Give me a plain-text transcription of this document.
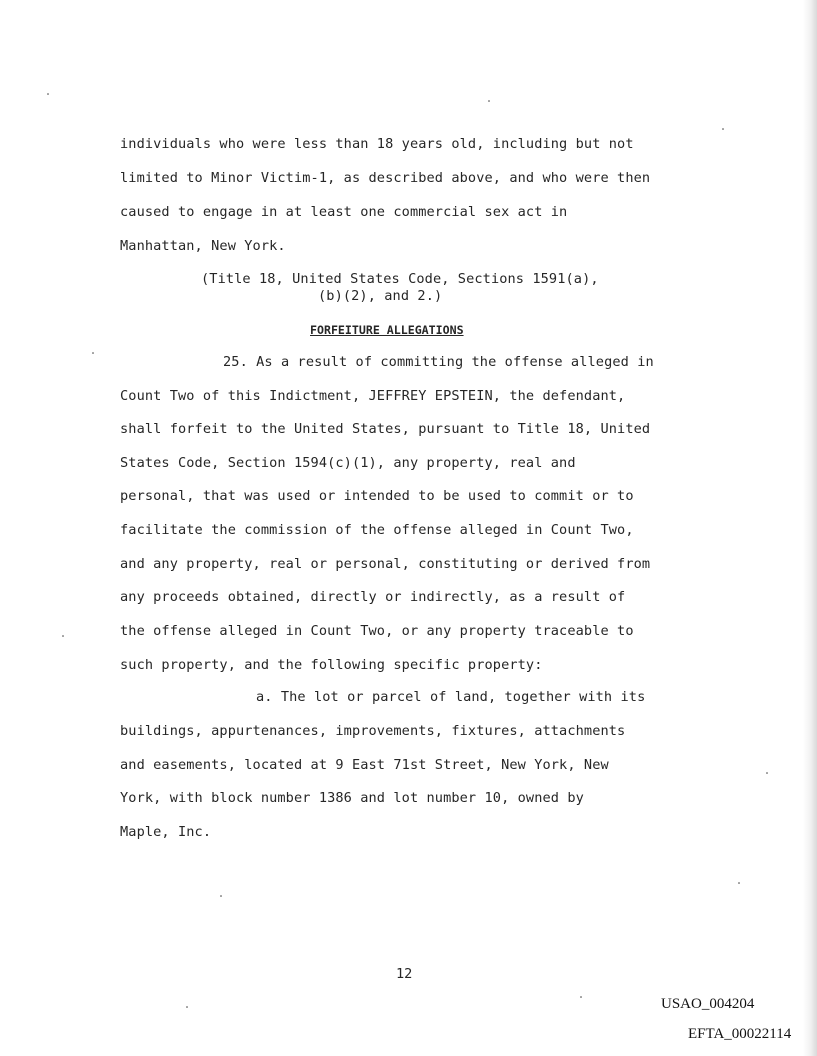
individuals who were less than 18 years old, including but not
limited to Minor Victim-1, as described above, and who were then
caused to engage in at least one commercial sex act in
Manhattan, New York.
(Title 18, United States Code, Sections 1591(a),
(b)(2), and 2.)
FORFEITURE ALLEGATIONS
25. As a result of committing the offense alleged in
Count Two of this Indictment, JEFFREY EPSTEIN, the defendant,
shall forfeit to the United States, pursuant to Title 18, United
States Code, Section 1594(c)(1), any property, real and
personal, that was used or intended to be used to commit or to
facilitate the commission of the offense alleged in Count Two,
and any property, real or personal, constituting or derived from
any proceeds obtained, directly or indirectly, as a result of
the offense alleged in Count Two, or any property traceable to
such property, and the following specific property:
a. The lot or parcel of land, together with its
buildings, appurtenances, improvements, fixtures, attachments
and easements, located at 9 East 71st Street, New York, New
York, with block number 1386 and lot number 10, owned by
Maple, Inc.
12
USAO_004204
EFTA_00022114
